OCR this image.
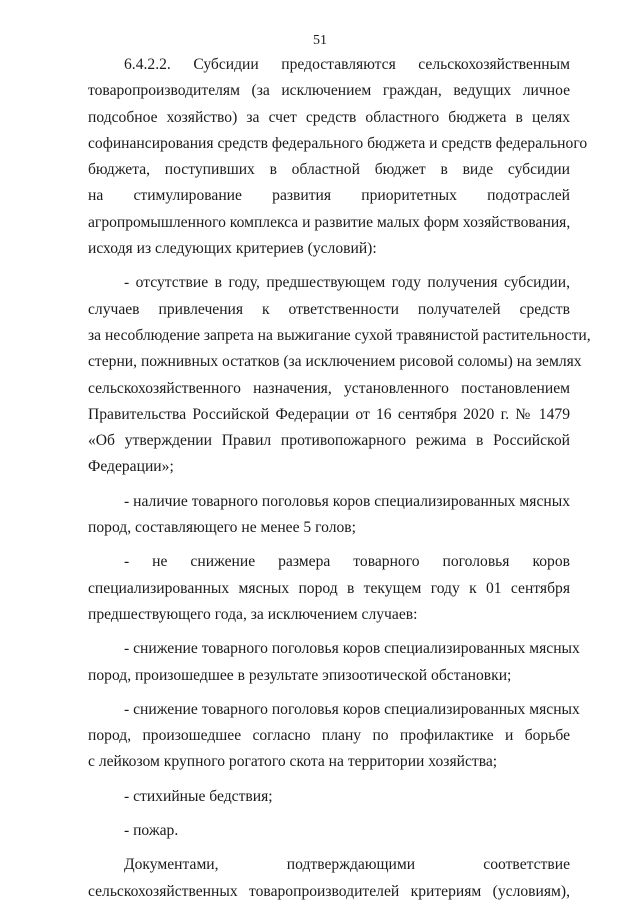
51
6.4.2.2. Субсидии предоставляются сельскохозяйственным
товаропроизводителям (за исключением граждан, ведущих личное
подсобное хозяйство) за счет средств областного бюджета в целях
софинансирования средств федерального бюджета и средств федерального
бюджета, поступивших в областной бюджет в виде субсидии
на стимулирование развития приоритетных подотраслей
агропромышленного комплекса и развитие малых форм хозяйствования,
исходя из следующих критериев (условий):
- отсутствие в году, предшествующем году получения субсидии,
случаев привлечения к ответственности получателей средств
за несоблюдение запрета на выжигание сухой травянистой растительности,
стерни, пожнивных остатков (за исключением рисовой соломы) на землях
сельскохозяйственного назначения, установленного постановлением
Правительства Российской Федерации от 16 сентября 2020 г. № 1479
«Об утверждении Правил противопожарного режима в Российской
Федерации»;
- наличие товарного поголовья коров специализированных мясных
пород, составляющего не менее 5 голов;
- не снижение размера товарного поголовья коров
специализированных мясных пород в текущем году к 01 сентября
предшествующего года, за исключением случаев:
- снижение товарного поголовья коров специализированных мясных
пород, произошедшее в результате эпизоотической обстановки;
- снижение товарного поголовья коров специализированных мясных
пород, произошедшее согласно плану по профилактике и борьбе
с лейкозом крупного рогатого скота на территории хозяйства;
- стихийные бедствия;
- пожар.
Документами, подтверждающими соответствие
сельскохозяйственных товаропроизводителей критериям (условиям),
